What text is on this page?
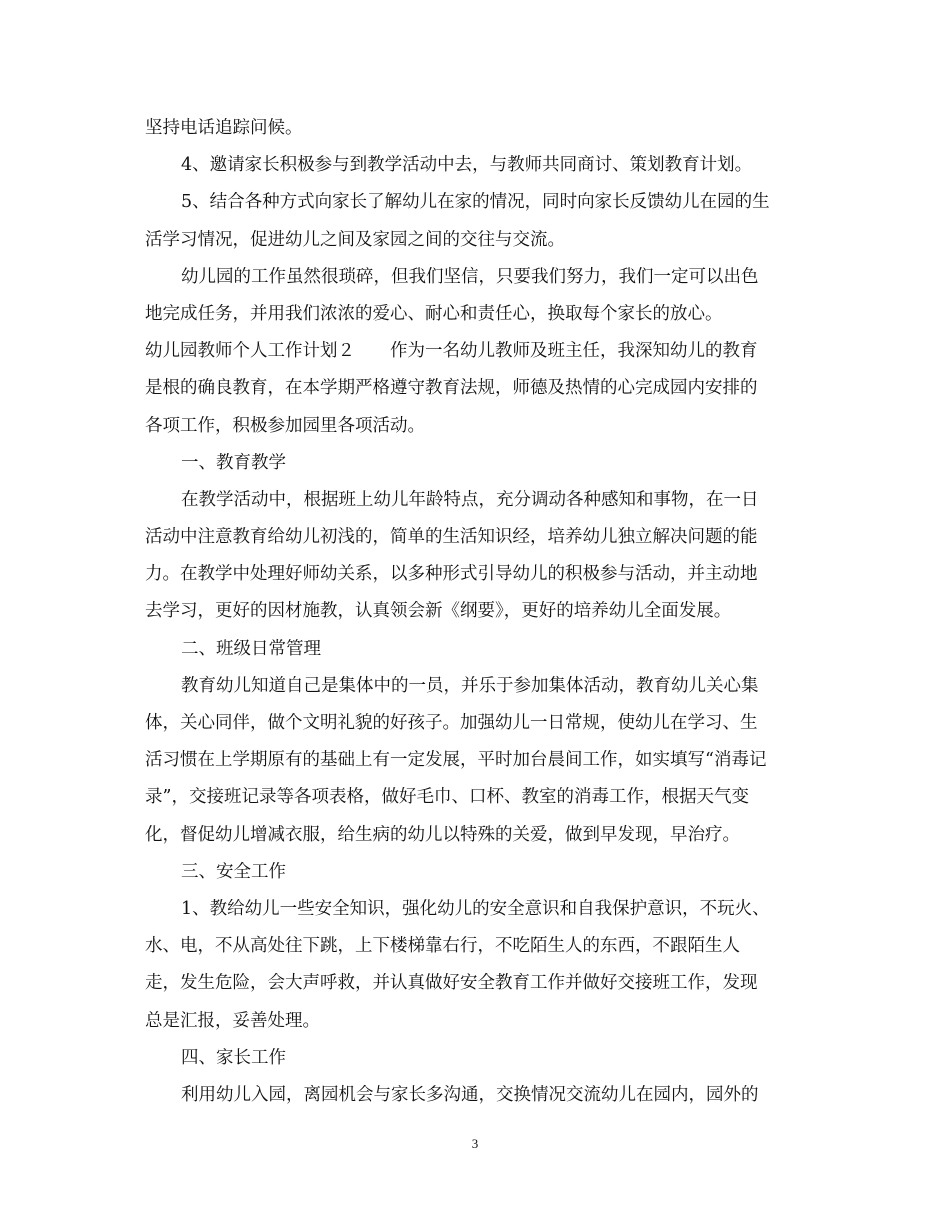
坚持电话追踪问候。
4、邀请家长积极参与到教学活动中去，与教师共同商讨、策划教育计划。
5、结合各种方式向家长了解幼儿在家的情况，同时向家长反馈幼儿在园的生
活学习情况，促进幼儿之间及家园之间的交往与交流。
幼儿园的工作虽然很琐碎，但我们坚信，只要我们努力，我们一定可以出色
地完成任务，并用我们浓浓的爱心、耐心和责任心，换取每个家长的放心。
幼儿园教师个人工作计划２　　作为一名幼儿教师及班主任，我深知幼儿的教育
是根的确良教育，在本学期严格遵守教育法规，师德及热情的心完成园内安排的
各项工作，积极参加园里各项活动。
一、教育教学
在教学活动中，根据班上幼儿年龄特点，充分调动各种感知和事物，在一日
活动中注意教育给幼儿初浅的，简单的生活知识经，培养幼儿独立解决问题的能
力。在教学中处理好师幼关系，以多种形式引导幼儿的积极参与活动，并主动地
去学习，更好的因材施教，认真领会新《纲要》，更好的培养幼儿全面发展。
二、班级日常管理
教育幼儿知道自己是集体中的一员，并乐于参加集体活动，教育幼儿关心集
体，关心同伴，做个文明礼貌的好孩子。加强幼儿一日常规，使幼儿在学习、生
活习惯在上学期原有的基础上有一定发展，平时加台晨间工作，如实填写“消毒记
录”，交接班记录等各项表格，做好毛巾、口杯、教室的消毒工作，根据天气变
化，督促幼儿增减衣服，给生病的幼儿以特殊的关爱，做到早发现，早治疗。
三、安全工作
1、教给幼儿一些安全知识，强化幼儿的安全意识和自我保护意识，不玩火、
水、电，不从高处往下跳，上下楼梯靠右行，不吃陌生人的东西，不跟陌生人
走，发生危险，会大声呼救，并认真做好安全教育工作并做好交接班工作，发现
总是汇报，妥善处理。
四、家长工作
利用幼儿入园，离园机会与家长多沟通，交换情况交流幼儿在园内，园外的
3
